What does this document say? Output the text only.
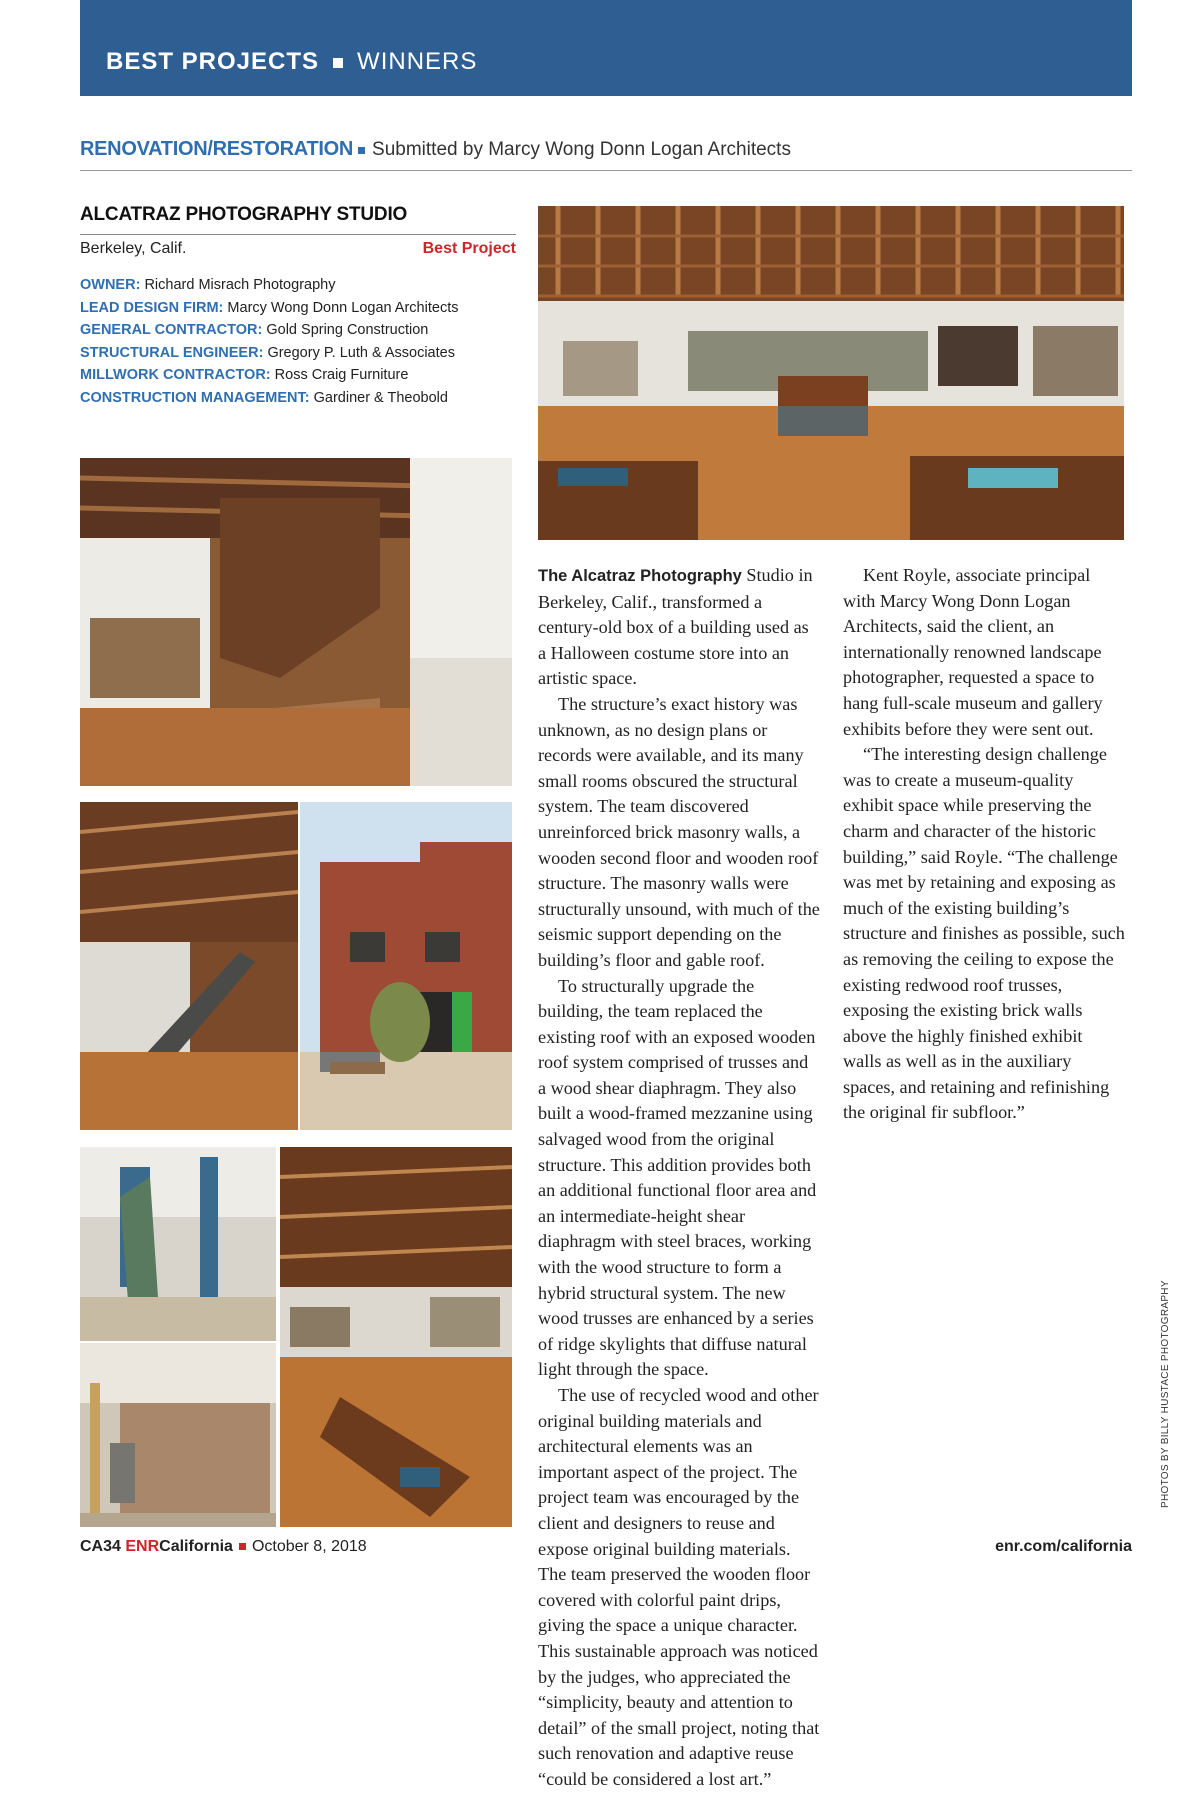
BEST PROJECTS WINNERS
RENOVATION/RESTORATION Submitted by Marcy Wong Donn Logan Architects
ALCATRAZ PHOTOGRAPHY STUDIO
Berkeley, Calif.	Best Project
OWNER: Richard Misrach Photography
LEAD DESIGN FIRM: Marcy Wong Donn Logan Architects
GENERAL CONTRACTOR: Gold Spring Construction
STRUCTURAL ENGINEER: Gregory P. Luth & Associates
MILLWORK CONTRACTOR: Ross Craig Furniture
CONSTRUCTION MANAGEMENT: Gardiner & Theobold

The Alcatraz Photography Studio in Berkeley, Calif., transformed a century-old box of a building used as a Halloween costume store into an artistic space.

The structure’s exact history was unknown, as no design plans or records were available, and its many small rooms obscured the structural system. The team discovered unreinforced brick masonry walls, a wooden second floor and wooden roof structure. The masonry walls were structurally unsound, with much of the seismic support depending on the building’s floor and gable roof.

To structurally upgrade the building, the team replaced the existing roof with an exposed wooden roof system comprised of trusses and a wood shear diaphragm. They also built a wood-framed mezzanine using salvaged wood from the original structure. This addition provides both an additional functional floor area and an intermediate-height shear diaphragm with steel braces, working with the wood structure to form a hybrid structural system. The new wood trusses are enhanced by a series of ridge skylights that diffuse natural light through the space.

The use of recycled wood and other original building materials and architectural elements was an important aspect of the project. The project team was encouraged by the client and designers to reuse and expose original building materials. The team preserved the wooden floor covered with colorful paint drips, giving the space a unique character. This sustainable approach was noticed by the judges, who appreciated the “simplicity, beauty and attention to detail” of the small project, noting that such renovation and adaptive reuse “could be considered a lost art.”

Kent Royle, associate principal with Marcy Wong Donn Logan Architects, said the client, an internationally renowned landscape photographer, requested a space to hang full-scale museum and gallery exhibits before they were sent out.

“The interesting design challenge was to create a museum-quality exhibit space while preserving the charm and character of the historic building,” said Royle. “The challenge was met by retaining and exposing as much of the existing building’s structure and finishes as possible, such as removing the ceiling to expose the existing redwood roof trusses, exposing the existing brick walls above the highly finished exhibit walls as well as in the auxiliary spaces, and retaining and refinishing the original fir subfloor.”

PHOTOS BY BILLY HUSTACE PHOTOGRAPHY
CA34 ENRCalifornia October 8, 2018	enr.com/california
